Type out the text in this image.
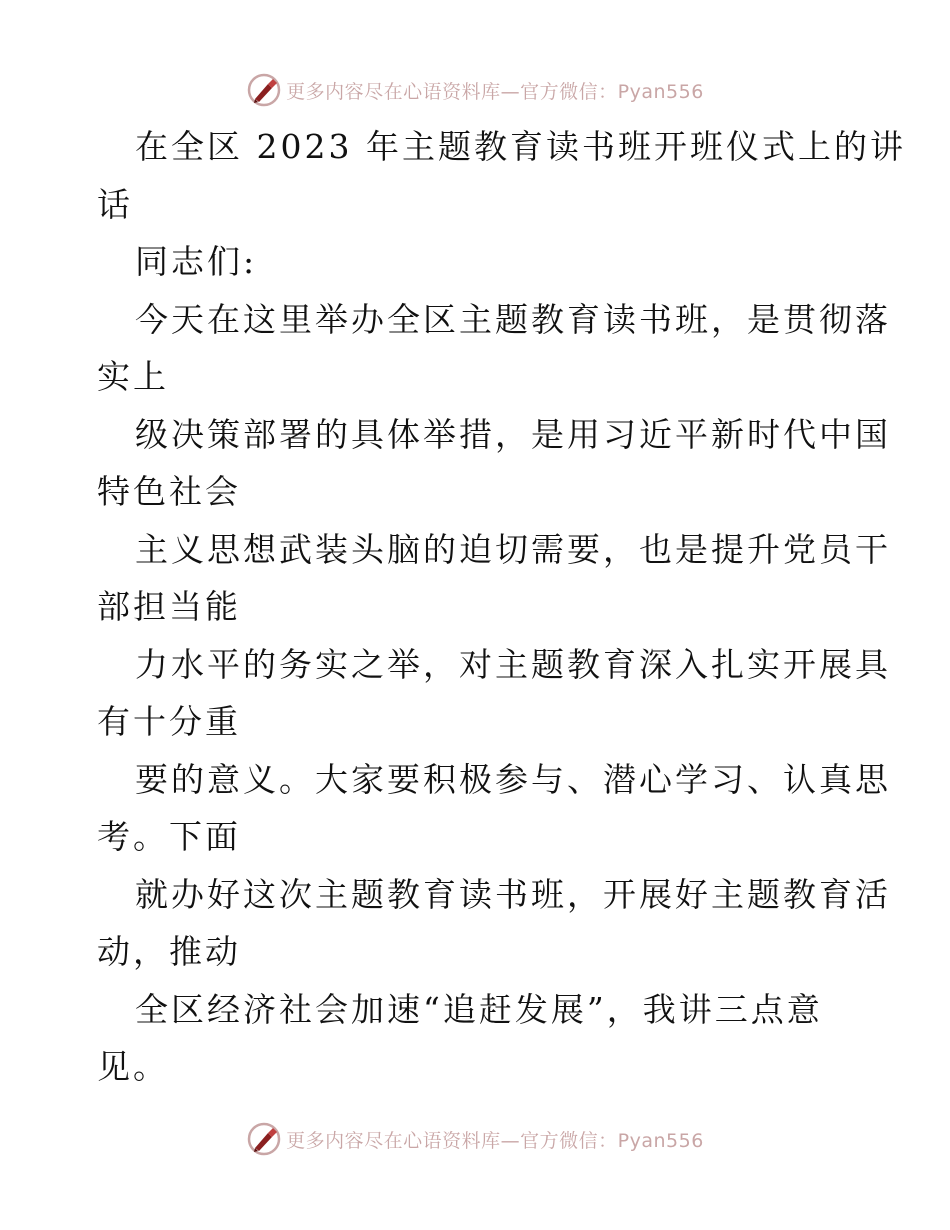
更多内容尽在心语资料库—官方微信：Pyan556
在全区 2023 年主题教育读书班开班仪式上的讲
话
同志们:
今天在这里举办全区主题教育读书班，是贯彻落
实上
级决策部署的具体举措，是用习近平新时代中国
特色社会
主义思想武装头脑的迫切需要，也是提升党员干
部担当能
力水平的务实之举，对主题教育深入扎实开展具
有十分重
要的意义。大家要积极参与、潜心学习、认真思
考。下面
就办好这次主题教育读书班，开展好主题教育活
动，推动
全区经济社会加速“追赶发展”，我讲三点意
见。
更多内容尽在心语资料库—官方微信：Pyan556
